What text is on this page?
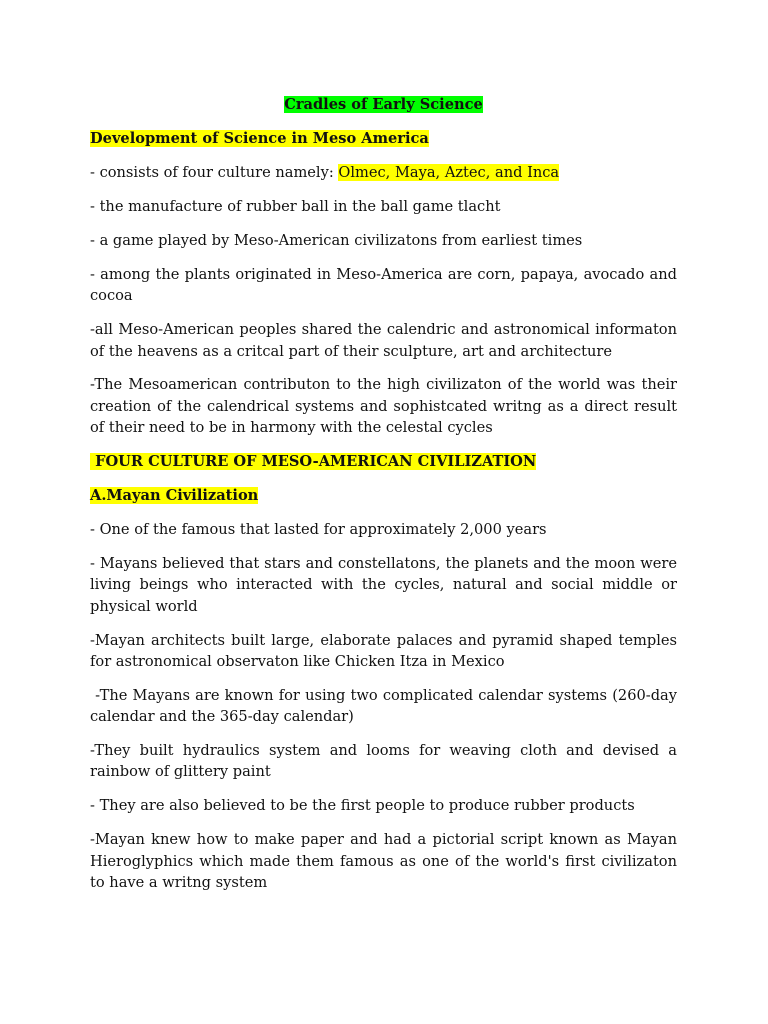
Cradles of Early Science

Development of Science in Meso America

- consists of four culture namely: Olmec, Maya, Aztec, and Inca

- the manufacture of rubber ball in the ball game tlacht

- a game played by Meso-American civilizatons from earliest times

- among the plants originated in Meso-America are corn, papaya, avocado and cocoa

-all Meso-American peoples shared the calendric and astronomical informaton of the heavens as a critcal part of their sculpture, art and architecture

-The Mesoamerican contributon to the high civilizaton of the world was their creation of the calendrical systems and sophistcated writng as a direct result of their need to be in harmony with the celestal cycles

FOUR CULTURE OF MESO-AMERICAN CIVILIZATION

A.Mayan Civilization

- One of the famous that lasted for approximately 2,000 years

- Mayans believed that stars and constellatons, the planets and the moon were living beings who interacted with the cycles, natural and social middle or physical world

-Mayan architects built large, elaborate palaces and pyramid shaped temples for astronomical observaton like Chicken Itza in Mexico

-The Mayans are known for using two complicated calendar systems (260-day calendar and the 365-day calendar)

-They built hydraulics system and looms for weaving cloth and devised a rainbow of glittery paint

- They are also believed to be the first people to produce rubber products

-Mayan knew how to make paper and had a pictorial script known as Mayan Hieroglyphics which made them famous as one of the world's first civilizaton to have a writng system
